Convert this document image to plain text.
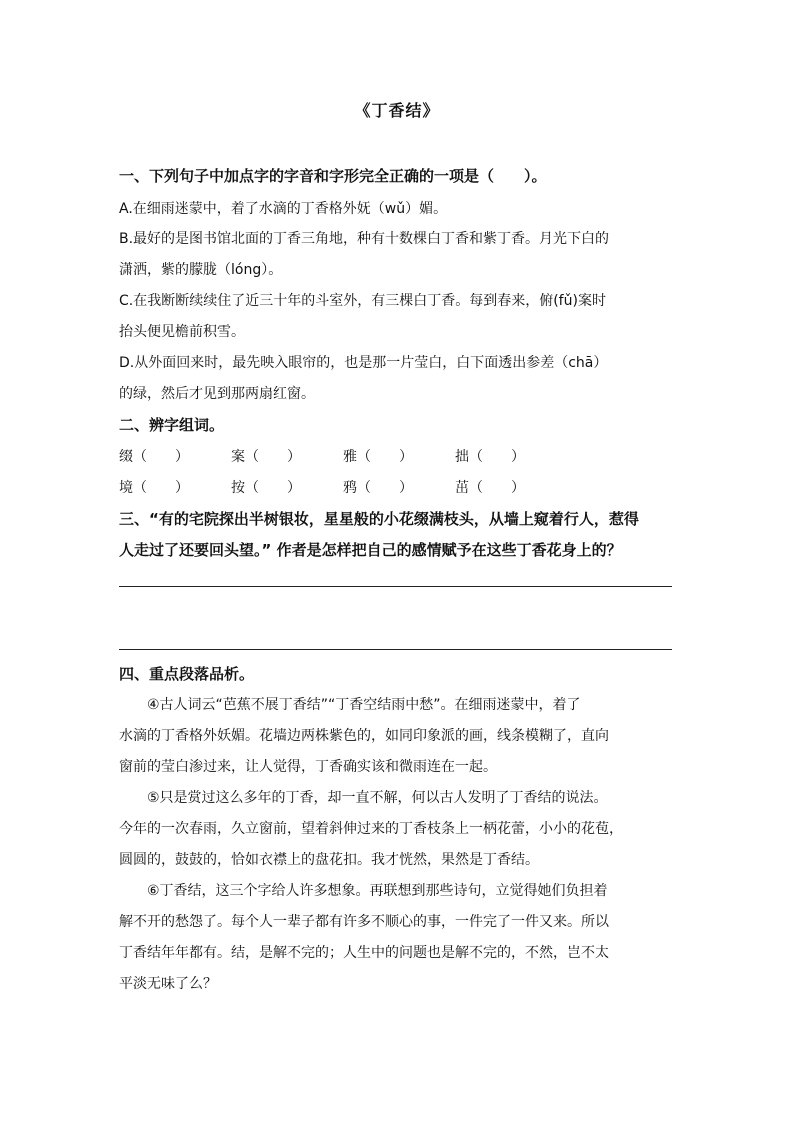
《丁香结》
一、下列句子中加点字的字音和字形完全正确的一项是（　　）。
A.在细雨迷蒙中，着了水滴的丁香格外妩（wǔ）媚。
B.最好的是图书馆北面的丁香三角地，种有十数棵白丁香和紫丁香。月光下白的
潇洒，紫的朦胧（lóng）。
C.在我断断续续住了近三十年的斗室外，有三棵白丁香。每到春来，俯(fǔ)案时
抬头便见檐前积雪。
D.从外面回来时，最先映入眼帘的，也是那一片莹白，白下面透出参差（chā）
的绿，然后才见到那两扇红窗。
二、辨字组词。
缀（　　）	案（　　）	雅（　　）	拙（　　）
境（　　）	按（　　）	鸦（　　）	茁（　　）
三、“有的宅院探出半树银妆，星星般的小花缀满枝头，从墙上窥着行人，惹得
人走过了还要回头望。” 作者是怎样把自己的感情赋予在这些丁香花身上的？
四、重点段落品析。
　　④古人词云“芭蕉不展丁香结”“丁香空结雨中愁”。在细雨迷蒙中，着了
水滴的丁香格外妖媚。花墙边两株紫色的，如同印象派的画，线条模糊了，直向
窗前的莹白渗过来，让人觉得，丁香确实该和微雨连在一起。
　　⑤只是赏过这么多年的丁香，却一直不解，何以古人发明了丁香结的说法。
今年的一次春雨，久立窗前，望着斜伸过来的丁香枝条上一柄花蕾，小小的花苞，
圆圆的，鼓鼓的，恰如衣襟上的盘花扣。我才恍然，果然是丁香结。
　　⑥丁香结，这三个字给人许多想象。再联想到那些诗句，立觉得她们负担着
解不开的愁怨了。每个人一辈子都有许多不顺心的事，一件完了一件又来。所以
丁香结年年都有。结，是解不完的；人生中的问题也是解不完的，不然，岂不太
平淡无味了么？
